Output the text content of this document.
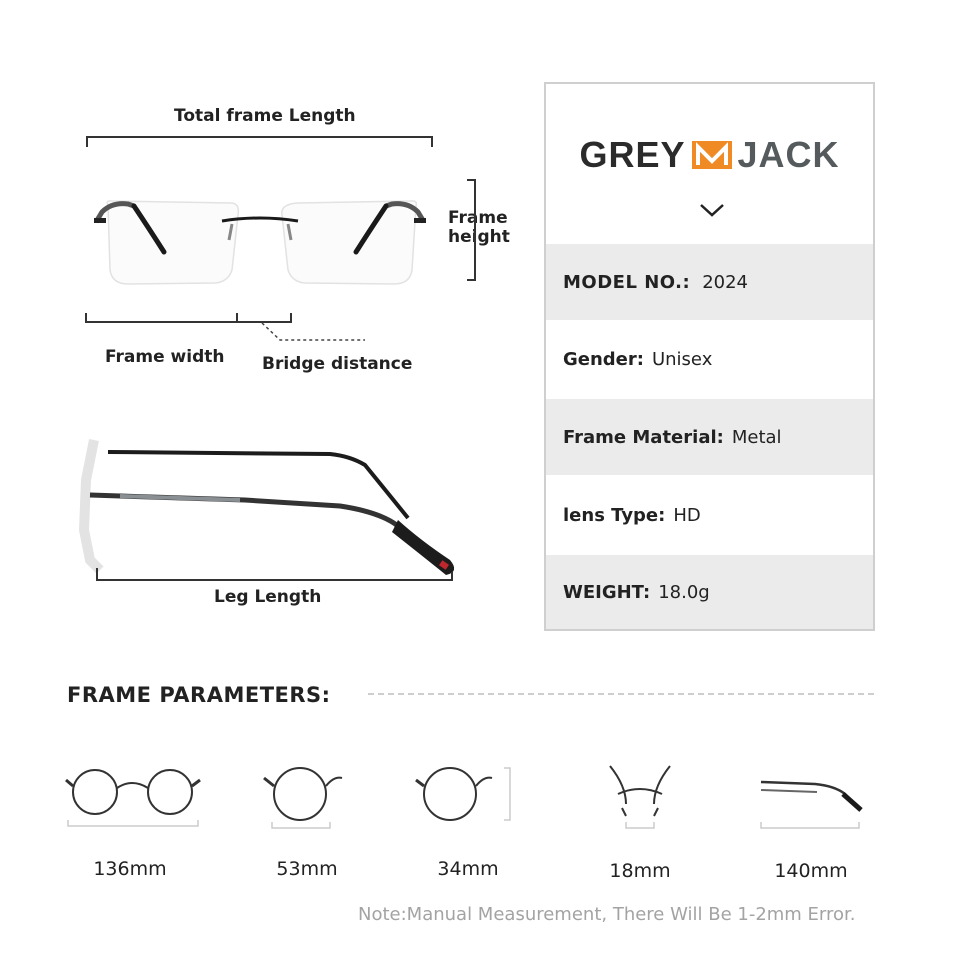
Total frame Length
Frame
height
Frame width Bridge distance
Leg Length
GREY JACK
MODEL NO.: 2024
Gender: Unisex
Frame Material: Metal
lens Type: HD
WEIGHT: 18.0g
FRAME PARAMETERS:
136mm	53mm	34mm	18mm	140mm
Note:Manual Measurement, There Will Be 1-2mm Error.
